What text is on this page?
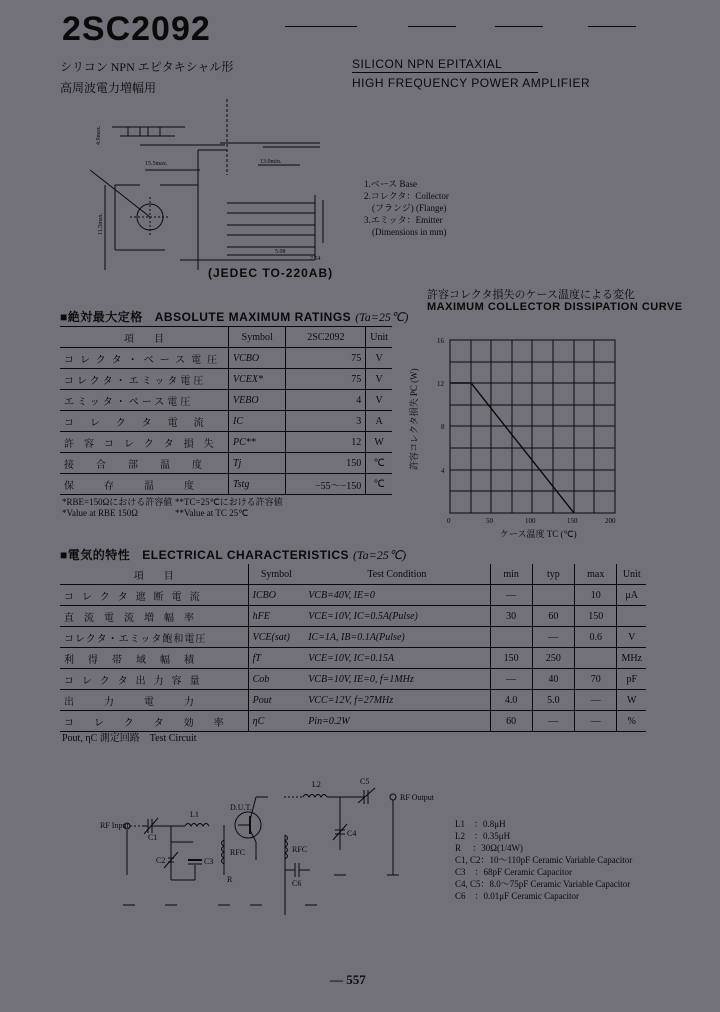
2SC2092
シリコン NPN エピタキシャル形
高周波電力増幅用
SILICON NPN EPITAXIAL
HIGH FREQUENCY POWER AMPLIFIER
4.9max.
15.5max.	13.0min.
11.5max.
2.54
5.08
(JEDEC TO-220AB)
1.ベース Base
2.コレクタ：Collector
(フランジ) (Flange)
3.エミッタ：Emitter
(Dimensions in mm)
■絶対最大定格 ABSOLUTE MAXIMUM RATINGS (Ta=25℃)
項　　目	Symbol	2SC2092	Unit
コレクタ・ベース電圧	VCBO	75	V
コレクタ・エミッタ電圧	VCEX*	75	V
エミッタ・ベース電圧	VEBO	4	V
コレクタ電流	IC	3	A
許容コレクタ損失	PC**	12	W
接合部温度	Tj	150	℃
保存温度	Tstg	−55～−150	℃
*RBE=150Ωにおける許容値 **TC=25℃における許容値
*Value at RBE 150Ω	**Value at TC 25℃
許容コレクタ損失のケース温度による変化
MAXIMUM COLLECTOR DISSIPATION CURVE
16
12
8
4
0	50	100	150	200
許容コレクタ損失 PC (W)
ケース温度 TC (℃)
■電気的特性 ELECTRICAL CHARACTERISTICS (Ta=25℃)
項　　目	Symbol	Test Condition	min	typ	max	Unit
コレクタ遮断電流	ICBO	VCB=40V, IE=0	—		10	μA
直流電流増幅率	hFE	VCE=10V, IC=0.5A(Pulse)	30	60	150	
コレクタ・エミッタ飽和電圧	VCE(sat)	IC=1A, IB=0.1A(Pulse)		—	0.6	V
利得帯域幅積	fT	VCE=10V, IC=0.15A	150	250		MHz
コレクタ出力容量	Cob	VCB=10V, IE=0, f=1MHz	—	40	70	pF
出力電力	Pout	VCC=12V, f=27MHz	4.0	5.0	—	W
コレクタ効率	ηC	Pin=0.2W	60	—	—	%
Pout, ηC 測定回路　Test Circuit
RF Input
L1
C1
C2	C3
RFC
R
D.U.T.
L2	C5
C4
RFC
C6
RF Output
L1　：0.8μH
L2　：0.35μH
R　 ：30Ω(1/4W)
C1, C2：10～110pF Ceramic Variable Capacitor
C3　：68pF Ceramic Capacitor
C4, C5：8.0～75pF Ceramic Variable Capacitor
C6　：0.01μF Ceramic Capacitor
— 557
